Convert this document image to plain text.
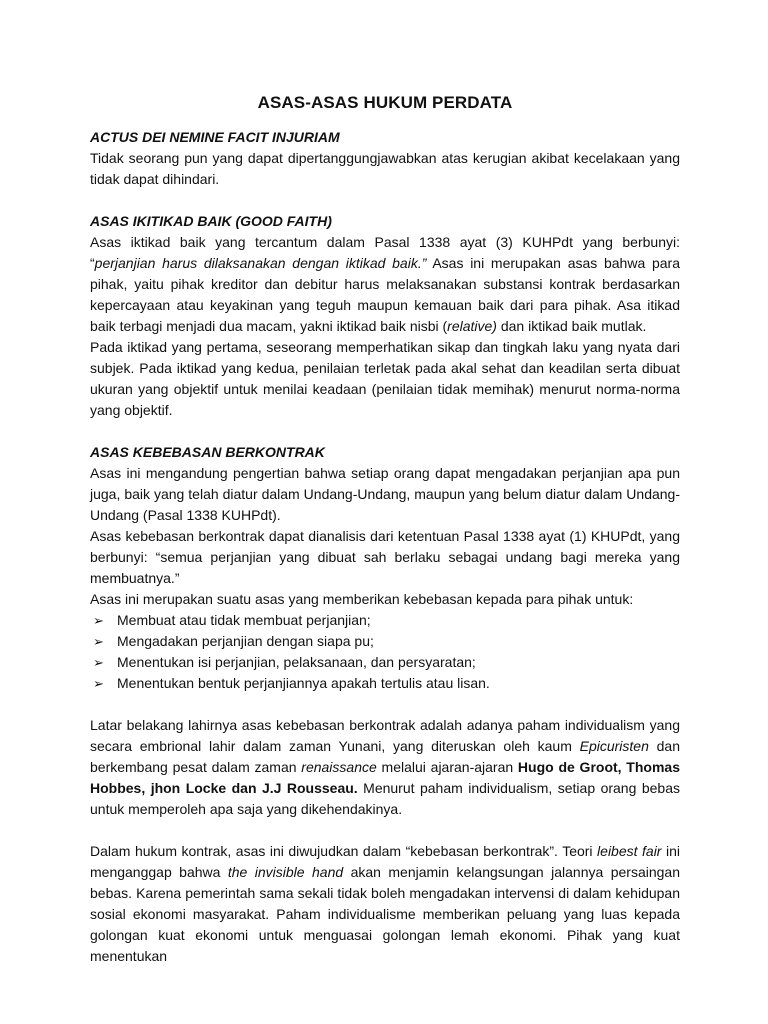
ASAS-ASAS HUKUM PERDATA
ACTUS DEI NEMINE FACIT INJURIAM

Tidak seorang pun yang dapat dipertanggungjawabkan atas kerugian akibat kecelakaan yang tidak dapat dihindari.

ASAS IKITIKAD BAIK (GOOD FAITH)

Asas iktikad baik yang tercantum dalam Pasal 1338 ayat (3) KUHPdt yang berbunyi: “perjanjian harus dilaksanakan dengan iktikad baik.” Asas ini merupakan asas bahwa para pihak, yaitu pihak kreditor dan debitur harus melaksanakan substansi kontrak berdasarkan kepercayaan atau keyakinan yang teguh maupun kemauan baik dari para pihak. Asa itikad baik terbagi menjadi dua macam, yakni iktikad baik nisbi (relative) dan iktikad baik mutlak.

Pada iktikad yang pertama, seseorang memperhatikan sikap dan tingkah laku yang nyata dari subjek. Pada iktikad yang kedua, penilaian terletak pada akal sehat dan keadilan serta dibuat ukuran yang objektif untuk menilai keadaan (penilaian tidak memihak) menurut norma-norma yang objektif.

ASAS KEBEBASAN BERKONTRAK

Asas ini mengandung pengertian bahwa setiap orang dapat mengadakan perjanjian apa pun juga, baik yang telah diatur dalam Undang-Undang, maupun yang belum diatur dalam Undang-Undang (Pasal 1338 KUHPdt).

Asas kebebasan berkontrak dapat dianalisis dari ketentuan Pasal 1338 ayat (1) KHUPdt, yang berbunyi: “semua perjanjian yang dibuat sah berlaku sebagai undang bagi mereka yang membuatnya.”

Asas ini merupakan suatu asas yang memberikan kebebasan kepada para pihak untuk:

➢ Membuat atau tidak membuat perjanjian;
➢ Mengadakan perjanjian dengan siapa pu;
➢ Menentukan isi perjanjian, pelaksanaan, dan persyaratan;
➢ Menentukan bentuk perjanjiannya apakah tertulis atau lisan.

Latar belakang lahirnya asas kebebasan berkontrak adalah adanya paham individualism yang secara embrional lahir dalam zaman Yunani, yang diteruskan oleh kaum Epicuristen dan berkembang pesat dalam zaman renaissance melalui ajaran-ajaran Hugo de Groot, Thomas Hobbes, jhon Locke dan J.J Rousseau. Menurut paham individualism, setiap orang bebas untuk memperoleh apa saja yang dikehendakinya.

Dalam hukum kontrak, asas ini diwujudkan dalam “kebebasan berkontrak”. Teori leibest fair ini menganggap bahwa the invisible hand akan menjamin kelangsungan jalannya persaingan bebas. Karena pemerintah sama sekali tidak boleh mengadakan intervensi di dalam kehidupan sosial ekonomi masyarakat. Paham individualisme memberikan peluang yang luas kepada golongan kuat ekonomi untuk menguasai golongan lemah ekonomi. Pihak yang kuat menentukan
